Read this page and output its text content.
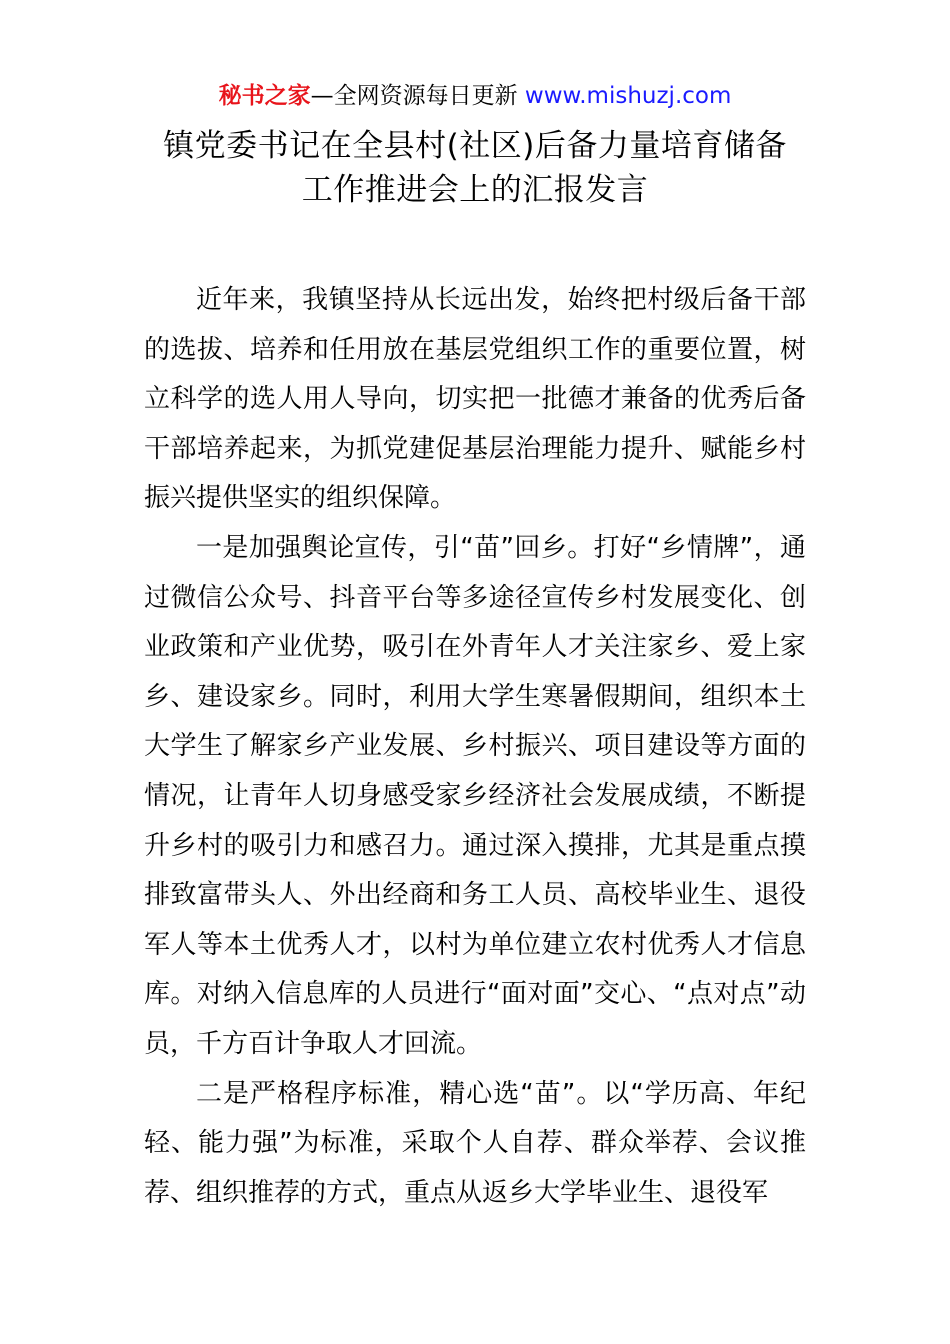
秘书之家—全网资源每日更新 www.mishuzj.com
镇党委书记在全县村(社区)后备力量培育储备
工作推进会上的汇报发言

近年来，我镇坚持从长远出发，始终把村级后备干部的选拔、培养和任用放在基层党组织工作的重要位置，树立科学的选人用人导向，切实把一批德才兼备的优秀后备干部培养起来，为抓党建促基层治理能力提升、赋能乡村振兴提供坚实的组织保障。

一是加强舆论宣传，引“苗”回乡。打好“乡情牌”，通过微信公众号、抖音平台等多途径宣传乡村发展变化、创业政策和产业优势，吸引在外青年人才关注家乡、爱上家乡、建设家乡。同时，利用大学生寒暑假期间，组织本土大学生了解家乡产业发展、乡村振兴、项目建设等方面的情况，让青年人切身感受家乡经济社会发展成绩，不断提升乡村的吸引力和感召力。通过深入摸排，尤其是重点摸排致富带头人、外出经商和务工人员、高校毕业生、退役军人等本土优秀人才，以村为单位建立农村优秀人才信息库。对纳入信息库的人员进行“面对面”交心、“点对点”动员，千方百计争取人才回流。

二是严格程序标准，精心选“苗”。以“学历高、年纪轻、能力强”为标准，采取个人自荐、群众举荐、会议推荐、组织推荐的方式，重点从返乡大学毕业生、退役军
